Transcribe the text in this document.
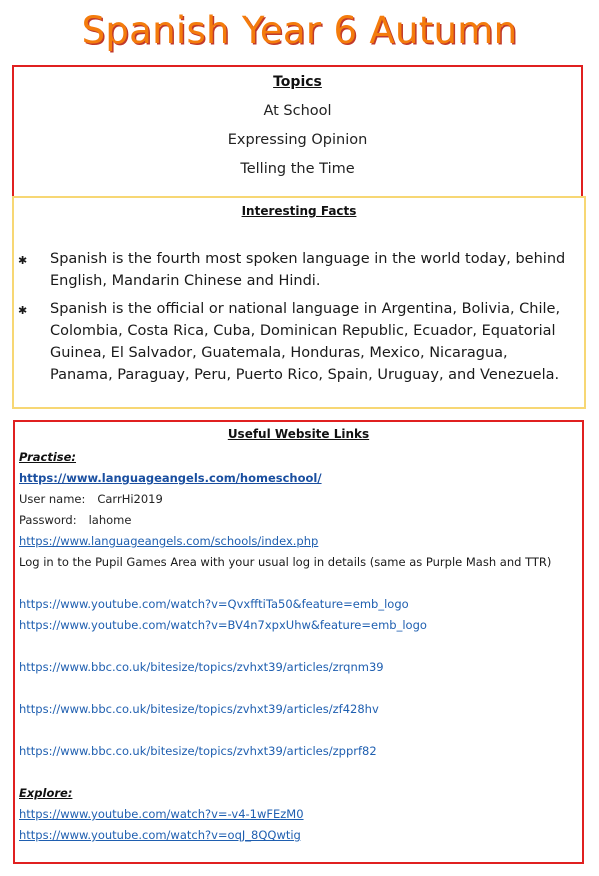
Spanish Year 6 Autumn
Topics
At School
Expressing Opinion
Telling the Time
Interesting Facts
✱ Spanish is the fourth most spoken language in the world today, behind English, Mandarin Chinese and Hindi.
✱ Spanish is the official or national language in Argentina, Bolivia, Chile, Colombia, Costa Rica, Cuba, Dominican Republic, Ecuador, Equatorial Guinea, El Salvador, Guatemala, Honduras, Mexico, Nicaragua, Panama, Paraguay, Peru, Puerto Rico, Spain, Uruguay, and Venezuela.
Useful Website Links
Practise:
https://www.languageangels.com/homeschool/
User name: CarrHi2019
Password: lahome
https://www.languageangels.com/schools/index.php
Log in to the Pupil Games Area with your usual log in details (same as Purple Mash and TTR)
https://www.youtube.com/watch?v=QvxfftiTa50&feature=emb_logo
https://www.youtube.com/watch?v=BV4n7xpxUhw&feature=emb_logo
https://www.bbc.co.uk/bitesize/topics/zvhxt39/articles/zrqnm39
https://www.bbc.co.uk/bitesize/topics/zvhxt39/articles/zf428hv
https://www.bbc.co.uk/bitesize/topics/zvhxt39/articles/zpprf82
Explore:
https://www.youtube.com/watch?v=-v4-1wFEzM0
https://www.youtube.com/watch?v=oqJ_8QQwtig
